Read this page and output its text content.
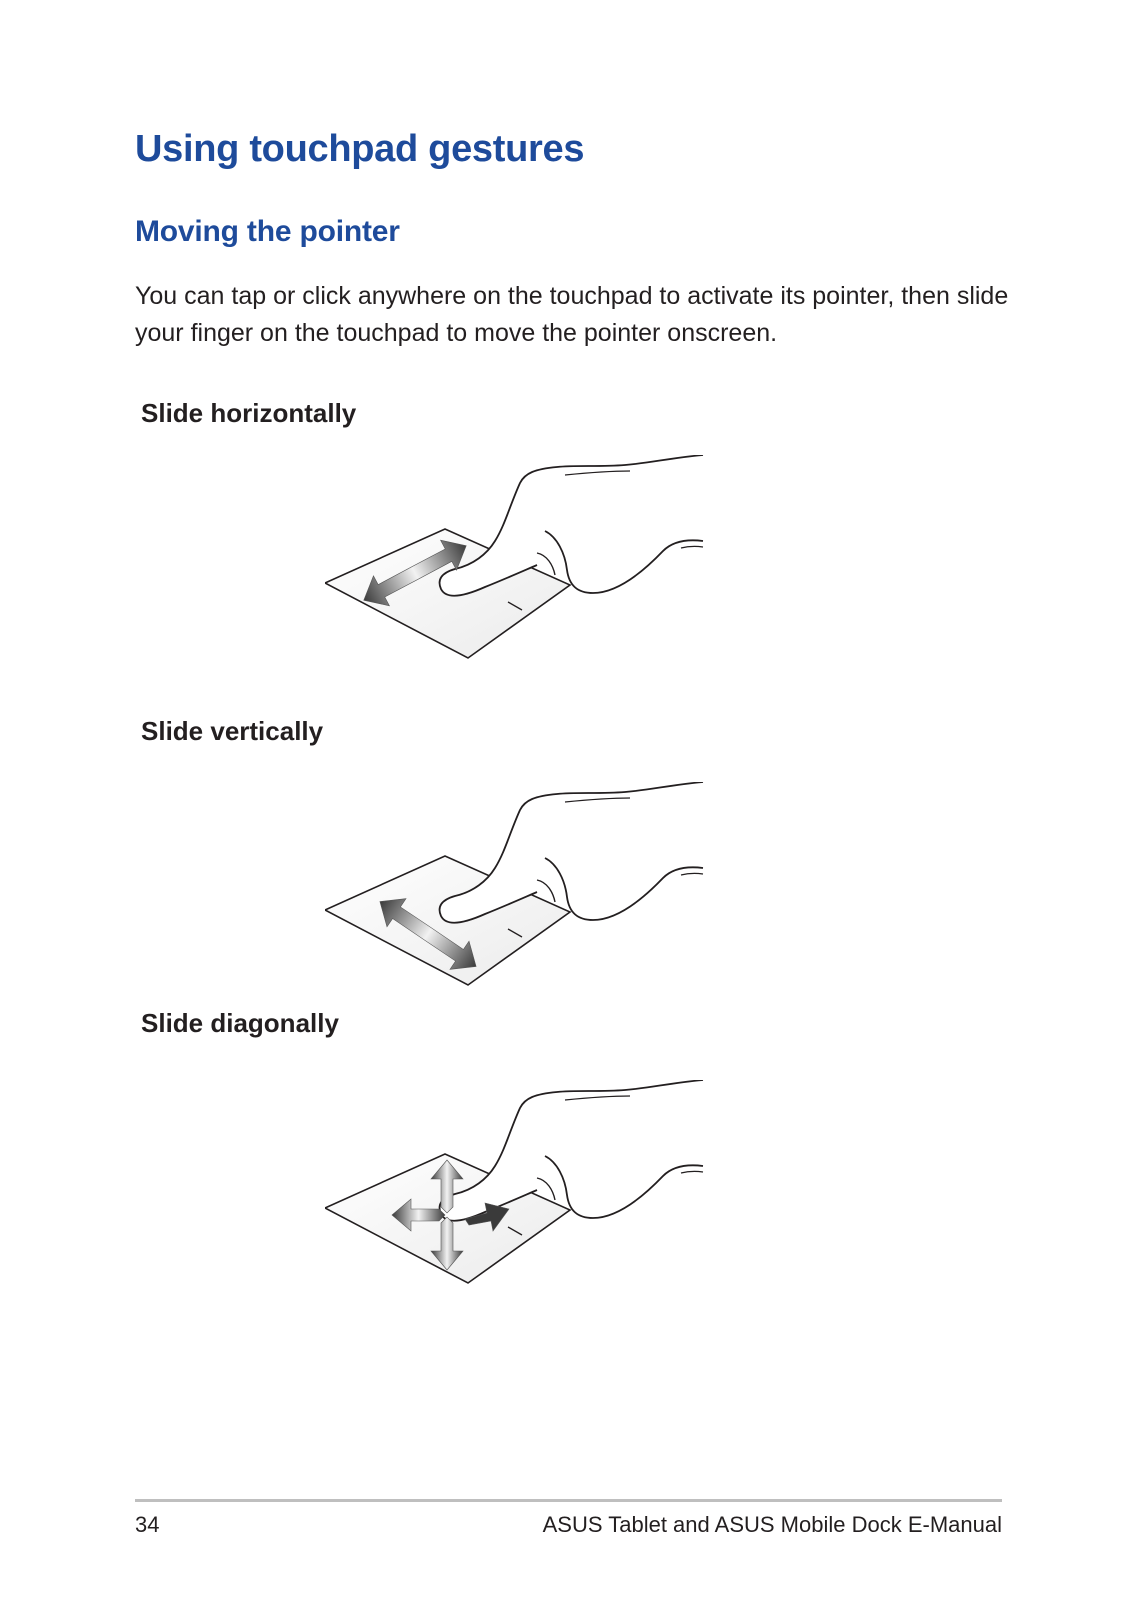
Using touchpad gestures
Moving the pointer

You can tap or click anywhere on the touchpad to activate its pointer, then slide your finger on the touchpad to move the pointer onscreen.

Slide horizontally

Slide vertically

Slide diagonally

34	ASUS Tablet and ASUS Mobile Dock E-Manual
